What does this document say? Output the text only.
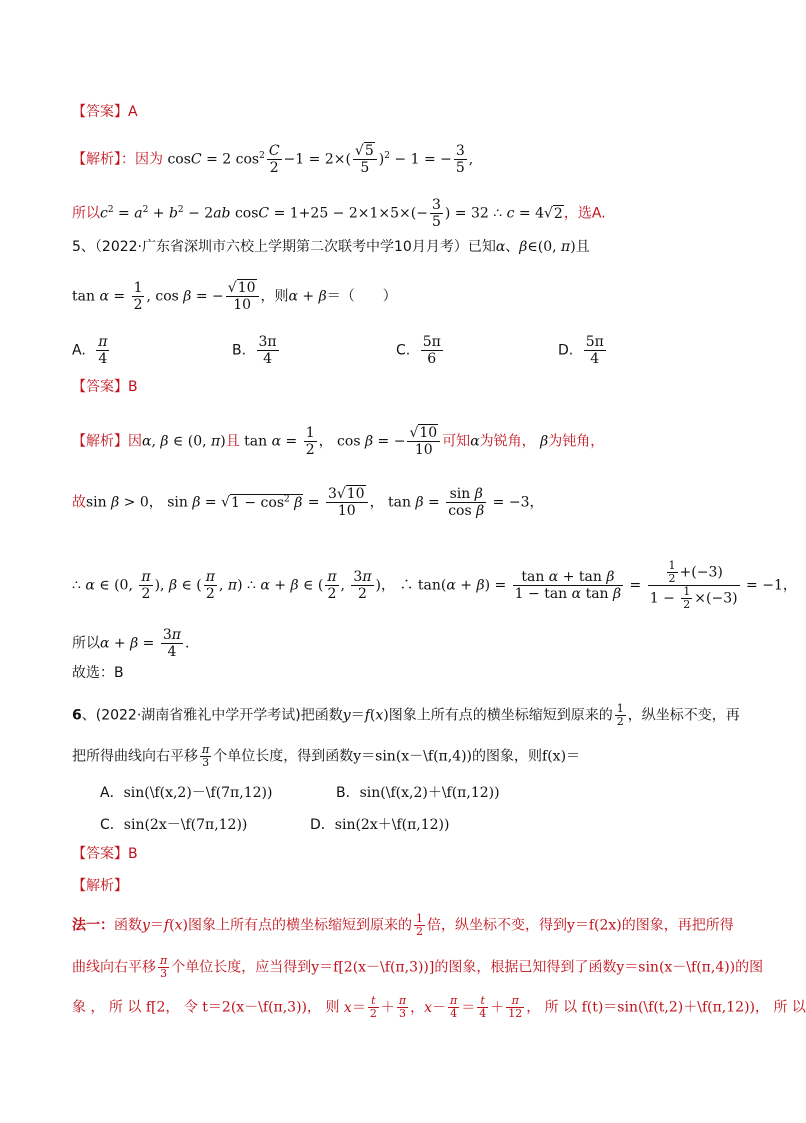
【答案】A
【解析】：因为 cosC = 2 $\cos^2 \frac{C}{2} -1 = 2\times( \frac{√5}{5} )^2 - 1$ = − $\frac{3}{5}$ ,
所以$c^2 = a^2 + b^2 - 2ab$ $\cos C = 1+25 - 2\times 1\times 5\times(- \frac{3}{5}$ ) = 32 ∴ c = 4√2，选A.
5、（2022·广东省深圳市六校上学期第二次联考中学10月月考）已知α、β∈(0, π)且
$\tan \alpha = \frac{1}{2}$ , cos β = − $\frac{√10}{10}$ ，则α + β＝（　　）
A. $\frac{\pi}{4}$	B. $\frac{3\pi}{4}$	C. $\frac{5\pi}{6}$	D. $\frac{5\pi}{4}$
【答案】B
【解析】因α, β ∈ (0, π)且 $\tan \alpha = \frac{1}{2}$ ， cos β = − $\frac{√10}{10}$ 可知α为锐角， β为钝角，
故sin β > 0， $\sin \beta = √1 - \cos^2 \beta = \frac{3√10}{10}$ ， $\tan \beta = \frac{\text{sin β}}{\text{cos β}} = -3$，
∴ α ∈ (0, $\frac{\pi}{2}$ ), β ∈ ( $\frac{\pi}{2}$ , π) ∴ α + β ∈ ( $\frac{\pi}{2}$ , $\frac{3\pi}{2}$ )， ∴ $\tan(\alpha + \beta) = \frac{\text{tan α + tan β}}{\text{1 − tan α tan β}} = \frac{\frac{1}{2} +(-3)}{1 - \frac{1}{2} \times(-3)} = -1$，
所以$\alpha + \beta = \frac{3\pi}{4}$ .
故选：B
6、(2022·湖南省雅礼中学开学考试)把函数y＝f(x)图象上所有点的横坐标缩短到原来的 $\frac{1}{2}$ ，纵坐标不变，再
把所得曲线向右平移 $\frac{\pi}{3}$ 个单位长度，得到函数y＝sin(x－\f(π,4))的图象，则f(x)＝
A．sin(\f(x,2)－\f(7π,12))	B．sin(\f(x,2)＋\f(π,12))
C．sin(2x－\f(7π,12))	D．sin(2x＋\f(π,12))
【答案】B
【解析】
法一：函数y＝f(x)图象上所有点的横坐标缩短到原来的 $\frac{1}{2}$ 倍，纵坐标不变，得到y＝f(2x)的图象，再把所得
曲线向右平移 $\frac{\pi}{3}$ 个单位长度，应当得到y＝f[2(x－\f(π,3))]的图象，根据已知得到了函数y＝sin(x－\f(π,4))的图
象 ， 所 以 f[2， 令 t＝2(x－\f(π,3))， 则 $x= \frac{t}{2} + \frac{\pi}{3}$ ，$x- \frac{\pi}{4} = \frac{t}{4} + \frac{\pi}{12}$ ， 所 以 f(t)＝sin(\f(t,2)＋\f(π,12))， 所 以
